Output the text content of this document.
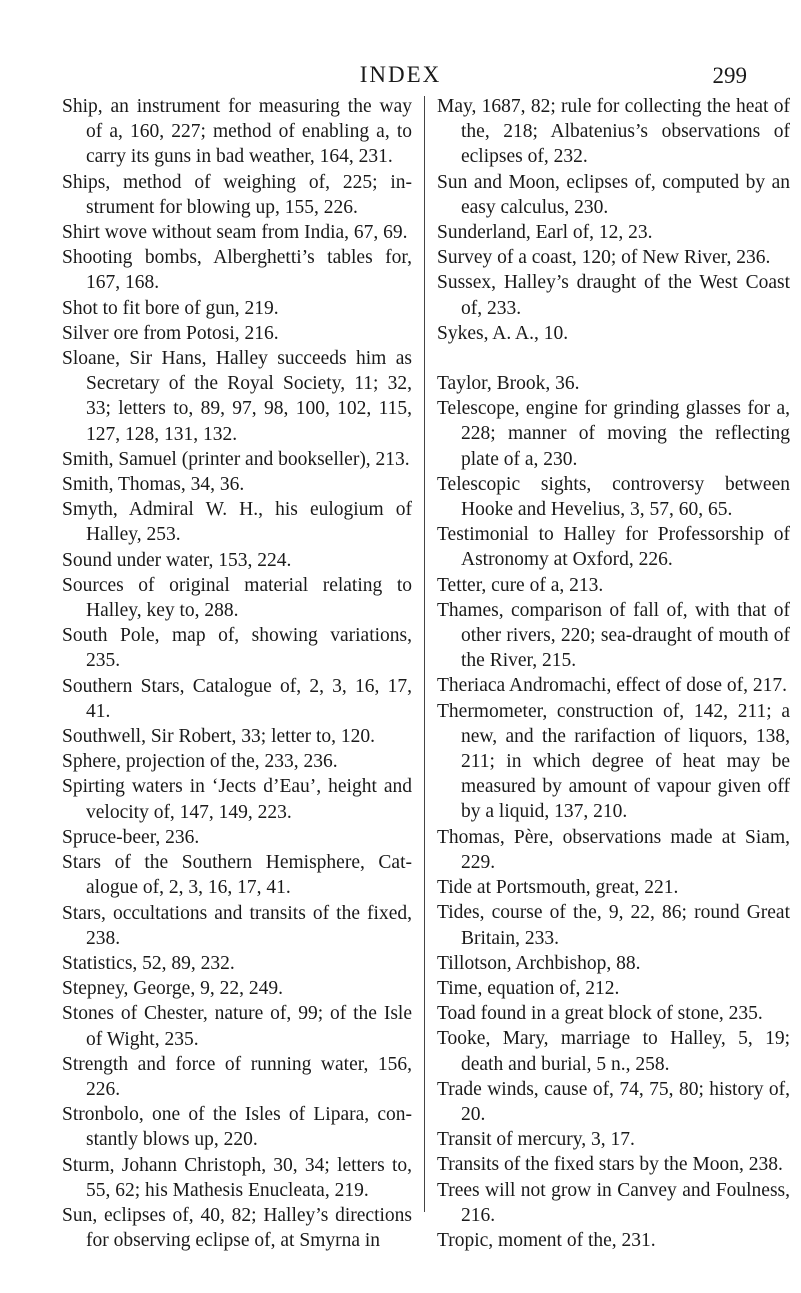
INDEX	299

Ship, an instrument for measuring the way of a, 160, 227; method of enabling a, to carry its guns in bad weather, 164, 231.

Ships, method of weighing of, 225; instrument for blowing up, 155, 226.

Shirt wove without seam from India, 67, 69.

Shooting bombs, Alberghetti’s tables for, 167, 168.

Shot to fit bore of gun, 219.

Silver ore from Potosi, 216.

Sloane, Sir Hans, Halley succeeds him as Secretary of the Royal Society, 11; 32, 33; letters to, 89, 97, 98, 100, 102, 115, 127, 128, 131, 132.

Smith, Samuel (printer and bookseller), 213.

Smith, Thomas, 34, 36.

Smyth, Admiral W. H., his eulogium of Halley, 253.

Sound under water, 153, 224.

Sources of original material relating to Halley, key to, 288.

South Pole, map of, showing variations, 235.

Southern Stars, Catalogue of, 2, 3, 16, 17, 41.

Southwell, Sir Robert, 33; letter to, 120.

Sphere, projection of the, 233, 236.

Spirting waters in ‘Jects d’Eau’, height and velocity of, 147, 149, 223.

Spruce-beer, 236.

Stars of the Southern Hemisphere, Catalogue of, 2, 3, 16, 17, 41.

Stars, occultations and transits of the fixed, 238.

Statistics, 52, 89, 232.

Stepney, George, 9, 22, 249.

Stones of Chester, nature of, 99; of the Isle of Wight, 235.

Strength and force of running water, 156, 226.

Stronbolo, one of the Isles of Lipara, constantly blows up, 220.

Sturm, Johann Christoph, 30, 34; letters to, 55, 62; his Mathesis Enucleata, 219.

Sun, eclipses of, 40, 82; Halley’s directions for observing eclipse of, at Smyrna in

May, 1687, 82; rule for collecting the heat of the, 218; Albatenius’s observations of eclipses of, 232.

Sun and Moon, eclipses of, computed by an easy calculus, 230.

Sunderland, Earl of, 12, 23.

Survey of a coast, 120; of New River, 236.

Sussex, Halley’s draught of the West Coast of, 233.

Sykes, A. A., 10.

Taylor, Brook, 36.

Telescope, engine for grinding glasses for a, 228; manner of moving the reflecting plate of a, 230.

Telescopic sights, controversy between Hooke and Hevelius, 3, 57, 60, 65.

Testimonial to Halley for Professorship of Astronomy at Oxford, 226.

Tetter, cure of a, 213.

Thames, comparison of fall of, with that of other rivers, 220; sea-draught of mouth of the River, 215.

Theriaca Andromachi, effect of dose of, 217.

Thermometer, construction of, 142, 211; a new, and the rarifaction of liquors, 138, 211; in which degree of heat may be measured by amount of vapour given off by a liquid, 137, 210.

Thomas, Père, observations made at Siam, 229.

Tide at Portsmouth, great, 221.

Tides, course of the, 9, 22, 86; round Great Britain, 233.

Tillotson, Archbishop, 88.

Time, equation of, 212.

Toad found in a great block of stone, 235.

Tooke, Mary, marriage to Halley, 5, 19; death and burial, 5 n., 258.

Trade winds, cause of, 74, 75, 80; history of, 20.

Transit of mercury, 3, 17.

Transits of the fixed stars by the Moon, 238.

Trees will not grow in Canvey and Foulness, 216.

Tropic, moment of the, 231.
